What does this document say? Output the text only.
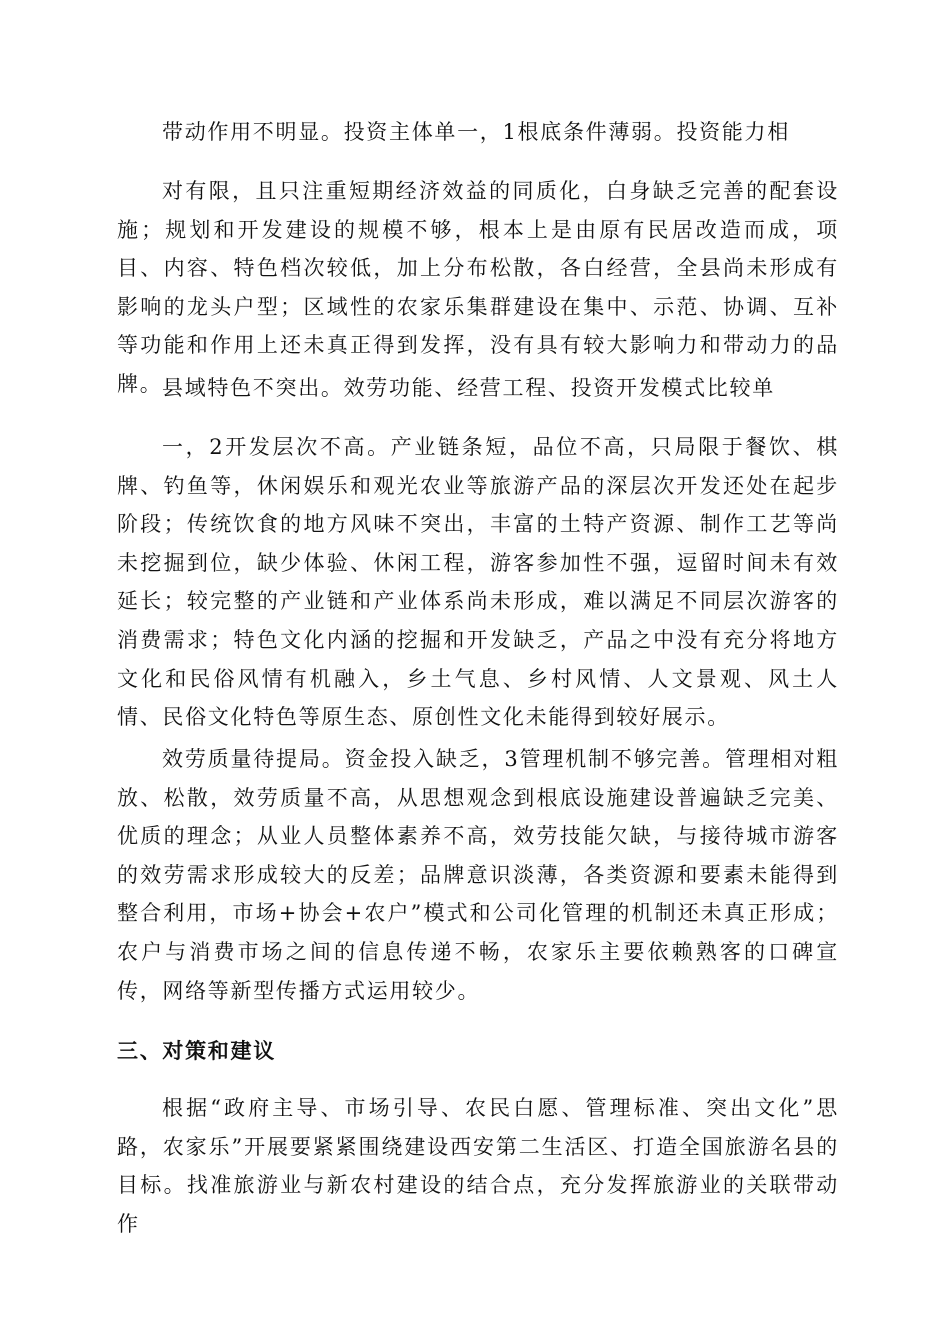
带动作用不明显。投资主体单一，1根底条件薄弱。投资能力相

对有限，且只注重短期经济效益的同质化，白身缺乏完善的配套设施；规划和开发建设的规模不够，根本上是由原有民居改造而成，项目、内容、特色档次较低，加上分布松散，各白经营，全县尚未形成有影响的龙头户型；区域性的农家乐集群建设在集中、示范、协调、互补等功能和作用上还未真正得到发挥，没有具有较大影响力和带动力的品牌。 县域特色不突出。效劳功能、经营工程、投资开发模式比较单

一，2开发层次不高。产业链条短，品位不高，只局限于餐饮、棋牌、钓鱼等，休闲娱乐和观光农业等旅游产品的深层次开发还处在起步阶段；传统饮食的地方风味不突出，丰富的土特产资源、制作工艺等尚未挖掘到位，缺少体验、休闲工程，游客参加性不强，逗留时间未有效延长；较完整的产业链和产业体系尚未形成，难以满足不同层次游客的消费需求；特色文化内涵的挖掘和开发缺乏，产品之中没有充分将地方文化和民俗风情有机融入，乡土气息、乡村风情、人文景观、风土人情、民俗文化特色等原生态、原创性文化未能得到较好展示。

效劳质量待提局。资金投入缺乏，3管理机制不够完善。管理相对粗放、松散，效劳质量不高，从思想观念到根底设施建设普遍缺乏完美、优质的理念；从业人员整体素养不高，效劳技能欠缺，与接待城市游客的效劳需求形成较大的反差；品牌意识淡薄，各类资源和要素未能得到整合利用，市场+协会+农户”模式和公司化管理的机制还未真正形成；农户与消费市场之间的信息传递不畅，农家乐主要依赖熟客的口碑宣传，网络等新型传播方式运用较少。

三、对策和建议

根据“政府主导、市场引导、农民白愿、管理标准、突出文化”思路，农家乐”开展要紧紧围绕建设西安第二生活区、打造全国旅游名县的目标。找准旅游业与新农村建设的结合点，充分发挥旅游业的关联带动作
